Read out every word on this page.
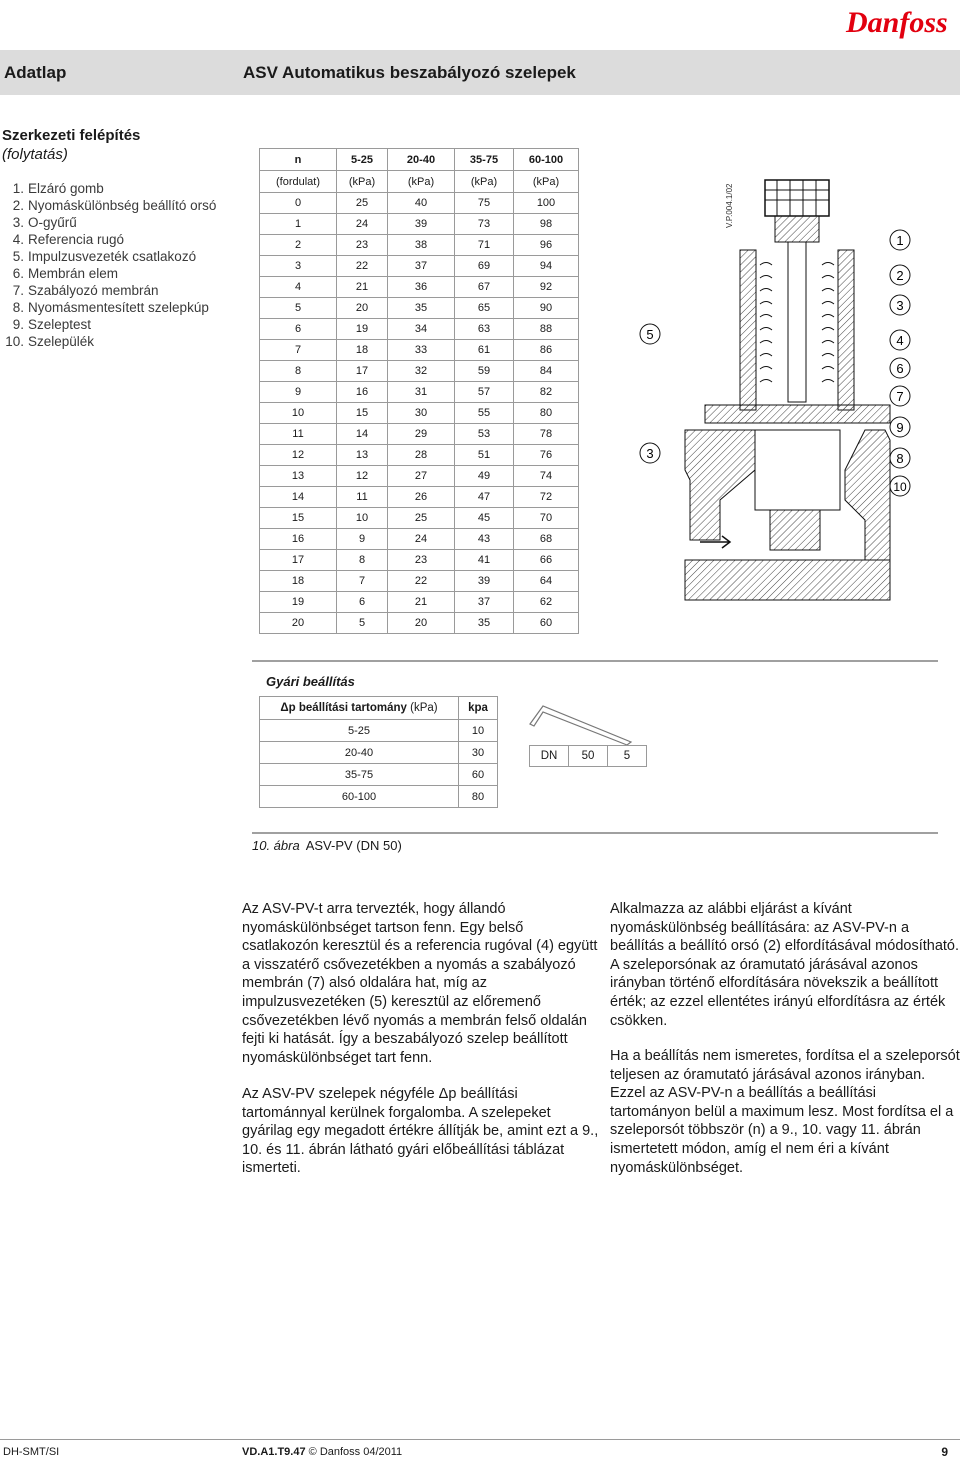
Danfoss
Adatlap	ASV Automatikus beszabályozó szelepek
Szerkezeti felépítés
(folytatás)
1. Elzáró gomb
2. Nyomáskülönbség beállító orsó
3. O-gyűrű
4. Referencia rugó
5. Impulzusvezeték csatlakozó
6. Membrán elem
7. Szabályozó membrán
8. Nyomásmentesített szelepkúp
9. Szeleptest
10. Szelepülék
n	5-25	20-40	35-75	60-100
(fordulat)	(kPa)	(kPa)	(kPa)	(kPa)
0	25	40	75	100
1	24	39	73	98
2	23	38	71	96
3	22	37	69	94
4	21	36	67	92
5	20	35	65	90
6	19	34	63	88
7	18	33	61	86
8	17	32	59	84
9	16	31	57	82
10	15	30	55	80
11	14	29	53	78
12	13	28	51	76
13	12	27	49	74
14	11	26	47	72
15	10	25	45	70
16	9	24	43	68
17	8	23	41	66
18	7	22	39	64
19	6	21	37	62
20	5	20	35	60
V.P.004.1/02
1
2
3
4
6
7
9
8
10
5
3
Gyári beállítás
Δp beállítási tartomány (kPa)	kpa
5-25	10
20-40	30
35-75	60
60-100	80
DN	50	5
10. ábra ASV-PV (DN 50)

Az ASV-PV-t arra tervezték, hogy állandó nyomáskülönbséget tartson fenn. Egy belső csatlakozón keresztül és a referencia rugóval (4) együtt a visszatérő csővezetékben a nyomás a szabályozó membrán (7) alsó oldalára hat, míg az impulzusvezetéken (5) keresztül az előremenő csővezetékben lévő nyomás a membrán felső oldalán fejti ki hatását. Így a beszabályozó szelep beállított nyomáskülönbséget tart fenn.

Az ASV-PV szelepek négyféle Δp beállítási tartománnyal kerülnek forgalomba. A szelepeket gyárilag egy megadott értékre állítják be, amint ezt a 9., 10. és 11. ábrán látható gyári előbeállítási táblázat ismerteti.

Alkalmazza az alábbi eljárást a kívánt nyomáskülönbség beállítására: az ASV-PV-n a beállítás a beállító orsó (2) elfordításával módosítható. A szeleporsónak az óramutató járásával azonos irányban történő elfordítására növekszik a beállított érték; az ezzel ellentétes irányú elfordításra az érték csökken.

Ha a beállítás nem ismeretes, fordítsa el a szeleporsót teljesen az óramutató járásával azonos irányban. Ezzel az ASV-PV-n a beállítás a beállítási tartományon belül a maximum lesz. Most fordítsa el a szeleporsót többször (n) a 9., 10. vagy 11. ábrán ismertetett módon, amíg el nem éri a kívánt nyomáskülönbséget.

DH-SMT/SI	VD.A1.T9.47 © Danfoss 04/2011	9
